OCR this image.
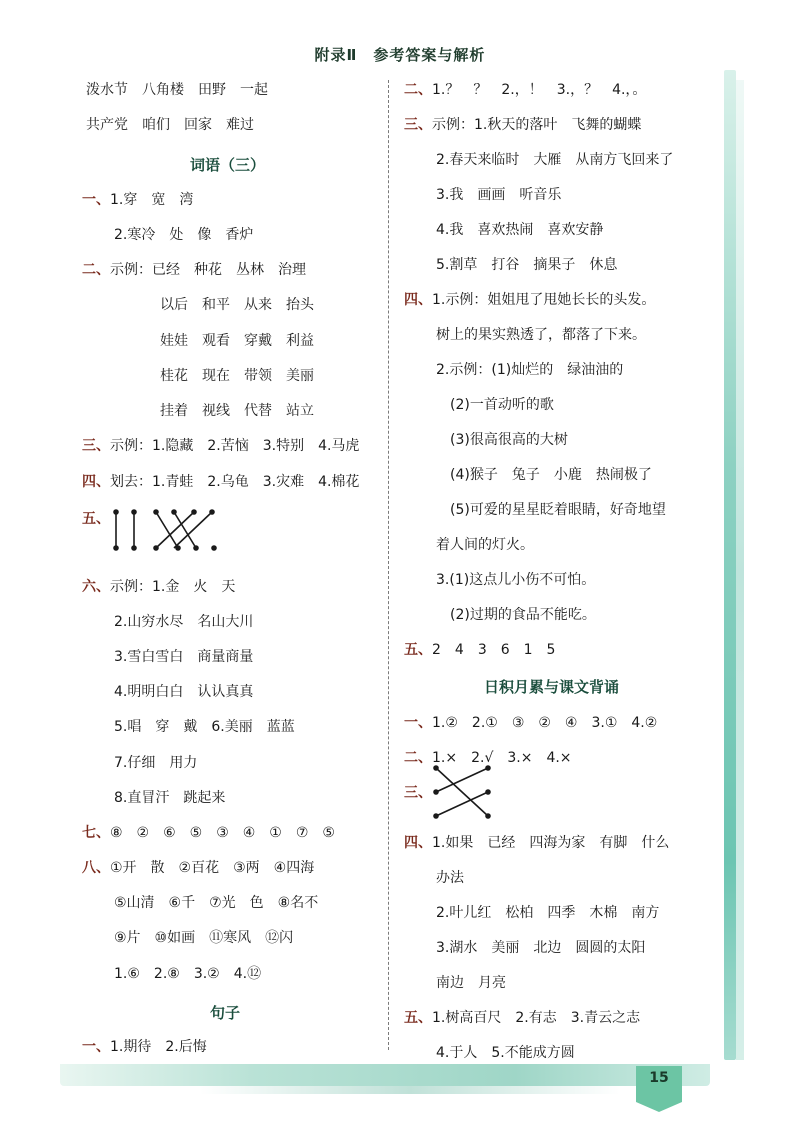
附录Ⅱ　参考答案与解析
泼水节　八角楼　田野　一起
共产党　咱们　回家　难过
词语（三）
一、1.穿　宽　湾
2.寒冷　处　像　香炉
二、示例：已经　种花　丛林　治理
以后　和平　从来　抬头
娃娃　观看　穿戴　利益
桂花　现在　带领　美丽
挂着　视线　代替　站立
三、示例：1.隐藏　2.苦恼　3.特别　4.马虎
四、划去：1.青蛙　2.乌龟　3.灾难　4.棉花
五、
六、示例：1.金　火　天
2.山穷水尽　名山大川
3.雪白雪白　商量商量
4.明明白白　认认真真
5.唱　穿　戴　6.美丽　蓝蓝
7.仔细　用力
8.直冒汗　跳起来
七、⑧　②　⑥　⑤　③　④　①　⑦　⑤
八、①开　散　②百花　③两　④四海
⑤山清　⑥千　⑦光　色　⑧名不
⑨片　⑩如画　⑪寒风　⑫闪
1.⑥　2.⑧　3.②　4.⑫
句子
一、1.期待　2.后悔
二、1.？　？　2.，！　3.，？　4.，。
三、示例：1.秋天的落叶　飞舞的蝴蝶
2.春天来临时　大雁　从南方飞回来了
3.我　画画　听音乐
4.我　喜欢热闹　喜欢安静
5.割草　打谷　摘果子　休息
四、1.示例：姐姐甩了甩她长长的头发。
树上的果实熟透了，都落了下来。
2.示例：(1)灿烂的　绿油油的
(2)一首动听的歌
(3)很高很高的大树
(4)猴子　兔子　小鹿　热闹极了
(5)可爱的星星眨着眼睛，好奇地望
着人间的灯火。
3.(1)这点儿小伤不可怕。
(2)过期的食品不能吃。
五、2　4　3　6　1　5
日积月累与课文背诵
一、1.②　2.①　③　②　④　3.①　4.②
二、1.×　2.√　3.×　4.×
三、
四、1.如果　已经　四海为家　有脚　什么
办法
2.叶儿红　松柏　四季　木棉　南方
3.湖水　美丽　北边　圆圆的太阳
南边　月亮
五、1.树高百尺　2.有志　3.青云之志
4.于人　5.不能成方圆
15
